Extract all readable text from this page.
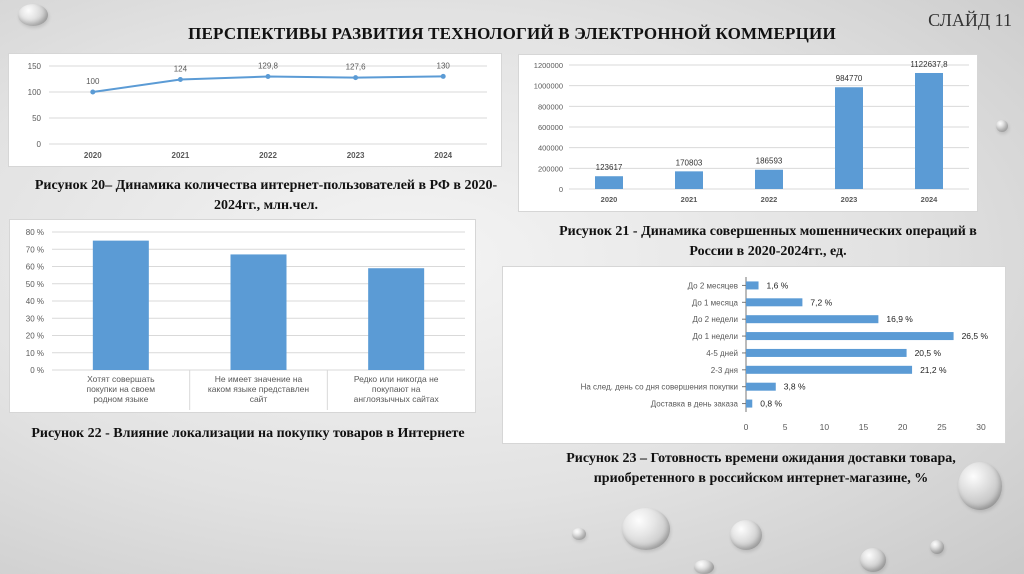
СЛАЙД 11
ПЕРСПЕКТИВЫ РАЗВИТИЯ ТЕХНОЛОГИЙ В ЭЛЕКТРОННОЙ КОММЕРЦИИ
0
50
100
150
100
2020
124
2021
129,8
2022
127,6
2023
130
2024
Рисунок 20– Динамика количества интернет-пользователей в РФ в 2020-2024гг., млн.чел.
0
200000
400000
600000
800000
1000000
1200000
123617
2020
170803
2021
186593
2022
984770
2023
1122637,8
2024
Рисунок 21 - Динамика совершенных мошеннических операций в России в 2020-2024гг., ед.
0 %
10 %
20 %
30 %
40 %
50 %
60 %
70 %
80 %
Хотят совершать
покупки на своем
родном языке
Не имеет значение на
каком языке представлен
сайт
Редко или никогда не
покупают на
англоязычных сайтах
Рисунок 22 - Влияние локализации на покупку товаров в Интернете
1,6 %
До 2 месяцев
7,2 %
До 1 месяца
16,9 %
До 2 недели
26,5 %
До 1 недели
20,5 %
4-5 дней
21,2 %
2-3 дня
3,8 %
На след. день со дня совершения покупки
0,8 %
Доставка в день заказа
0	5	10	15	20	25	30
Рисунок 23 – Готовность времени ожидания доставки товара, приобретенного в российском интернет-магазине, %
